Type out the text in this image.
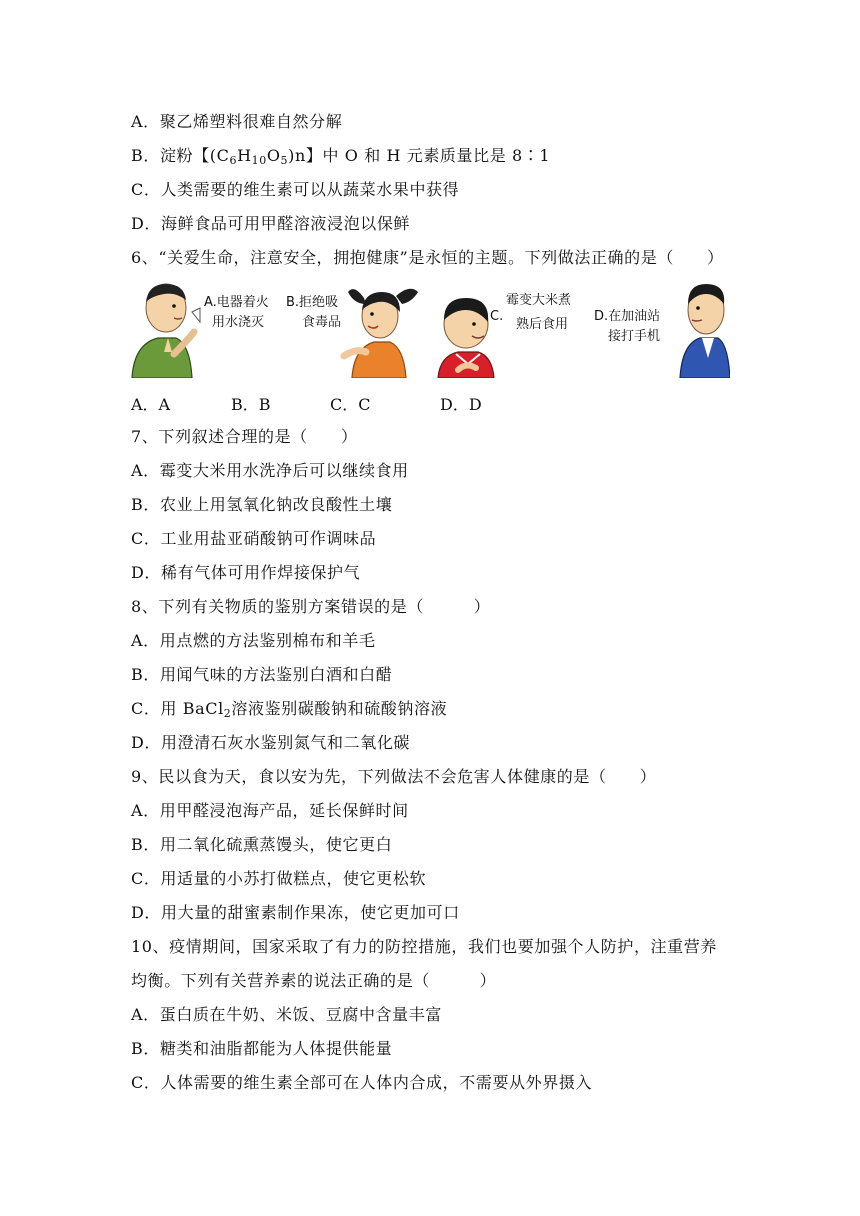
A．聚乙烯塑料很难自然分解
B．淀粉【$(C_6H_{10}O_5)n$】中 O 和 H 元素质量比是 8∶1
C．人类需要的维生素可以从蔬菜水果中获得
D．海鲜食品可用甲醛溶液浸泡以保鲜
6、“关爱生命，注意安全，拥抱健康”是永恒的主题。下列做法正确的是（　　）
A.电器着火
用水浇灭
B.拒绝吸
食毒品
霉变大米煮
C.
熟后食用
D.在加油站
接打手机
A．A	B．B	C．C	D．D
7、下列叙述合理的是（　　）
A．霉变大米用水洗净后可以继续食用
B．农业上用氢氧化钠改良酸性土壤
C．工业用盐亚硝酸钠可作调味品
D．稀有气体可用作焊接保护气
8、下列有关物质的鉴别方案错误的是（　　　）
A．用点燃的方法鉴别棉布和羊毛
B．用闻气味的方法鉴别白酒和白醋
C．用 BaCl$_2$溶液鉴别碳酸钠和硫酸钠溶液
D．用澄清石灰水鉴别氮气和二氧化碳
9、民以食为天，食以安为先，下列做法不会危害人体健康的是（　　）
A．用甲醛浸泡海产品，延长保鲜时间
B．用二氧化硫熏蒸馒头，使它更白
C．用适量的小苏打做糕点，使它更松软
D．用大量的甜蜜素制作果冻，使它更加可口
10、疫情期间，国家采取了有力的防控措施，我们也要加强个人防护，注重营养
均衡。下列有关营养素的说法正确的是（　　　）
A．蛋白质在牛奶、米饭、豆腐中含量丰富
B．糖类和油脂都能为人体提供能量
C．人体需要的维生素全部可在人体内合成，不需要从外界摄入
